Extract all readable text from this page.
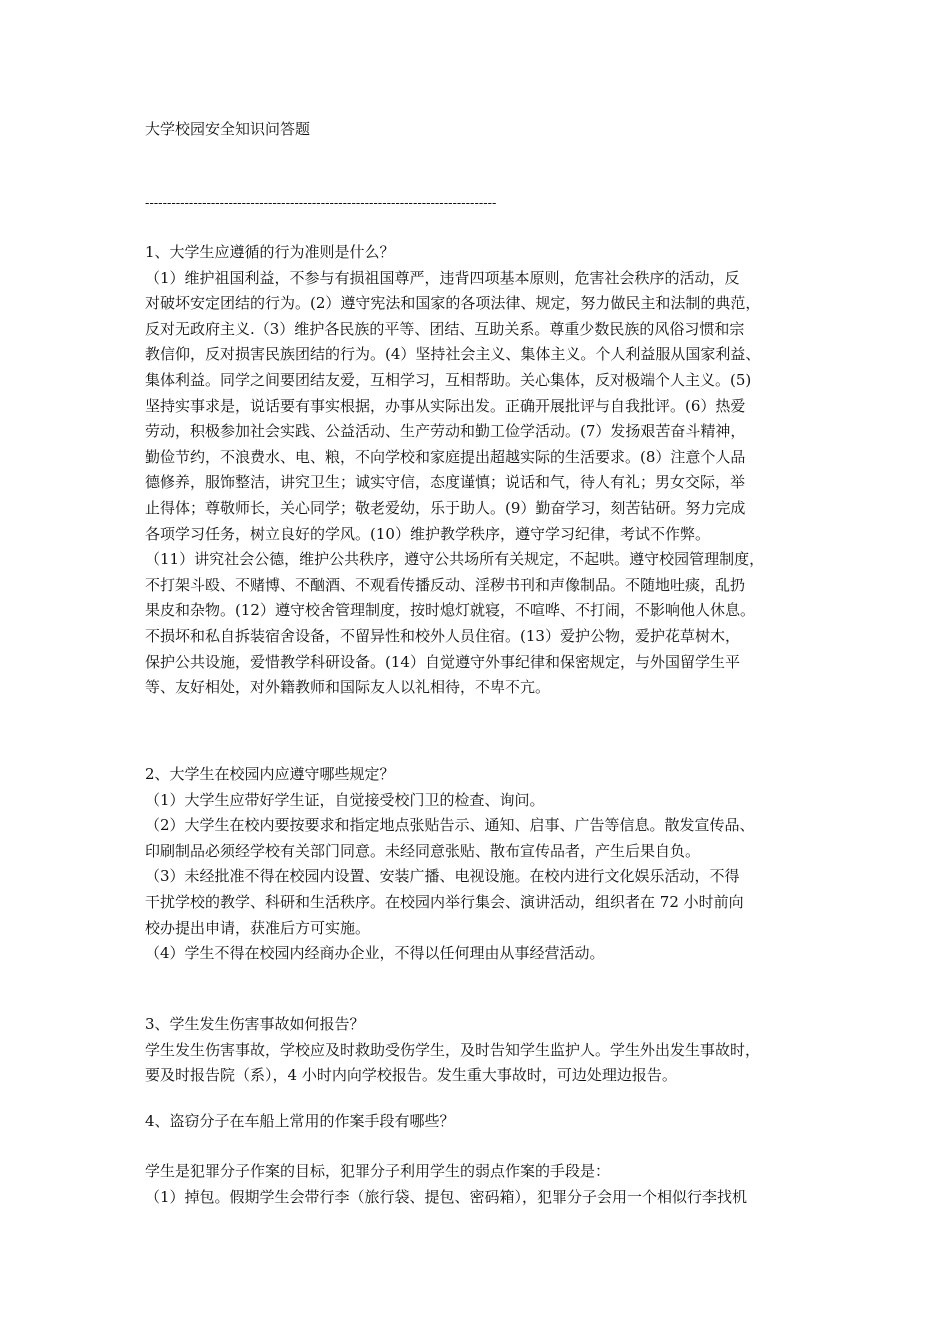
大学校园安全知识问答题
--------------------------------------------------------------------------------
1、大学生应遵循的行为准则是什么？
（1）维护祖国利益，不参与有损祖国尊严，违背四项基本原则，危害社会秩序的活动，反
对破坏安定团结的行为。(2）遵守宪法和国家的各项法律、规定，努力做民主和法制的典范，
反对无政府主义.（3）维护各民族的平等、团结、互助关系。尊重少数民族的风俗习惯和宗
教信仰，反对损害民族团结的行为。(4）坚持社会主义、集体主义。个人利益服从国家利益、
集体利益。同学之间要团结友爱，互相学习，互相帮助。关心集体，反对极端个人主义。(5)
坚持实事求是，说话要有事实根据，办事从实际出发。正确开展批评与自我批评。(6）热爱
劳动，积极参加社会实践、公益活动、生产劳动和勤工俭学活动。(7）发扬艰苦奋斗精神，
勤俭节约，不浪费水、电、粮，不向学校和家庭提出超越实际的生活要求。(8）注意个人品
德修养，服饰整洁，讲究卫生；诚实守信，态度谨慎；说话和气，待人有礼；男女交际，举
止得体；尊敬师长，关心同学；敬老爱幼，乐于助人。(9）勤奋学习，刻苦钻研。努力完成
各项学习任务，树立良好的学风。(10）维护教学秩序，遵守学习纪律，考试不作弊。
（11）讲究社会公德，维护公共秩序，遵守公共场所有关规定，不起哄。遵守校园管理制度，
不打架斗殴、不赌博、不酗酒、不观看传播反动、淫秽书刊和声像制品。不随地吐痰，乱扔
果皮和杂物。(12）遵守校舍管理制度，按时熄灯就寝，不喧哗、不打闹，不影响他人休息。
不损坏和私自拆装宿舍设备，不留异性和校外人员住宿。(13）爱护公物，爱护花草树木，
保护公共设施，爱惜教学科研设备。(14）自觉遵守外事纪律和保密规定，与外国留学生平
等、友好相处，对外籍教师和国际友人以礼相待，不卑不亢。
2、大学生在校园内应遵守哪些规定？
（1）大学生应带好学生证，自觉接受校门卫的检查、询问。
（2）大学生在校内要按要求和指定地点张贴告示、通知、启事、广告等信息。散发宣传品、
印刷制品必须经学校有关部门同意。未经同意张贴、散布宣传品者，产生后果自负。
（3）未经批准不得在校园内设置、安装广播、电视设施。在校内进行文化娱乐活动，不得
干扰学校的教学、科研和生活秩序。在校园内举行集会、演讲活动，组织者在 72 小时前向
校办提出申请，获准后方可实施。
（4）学生不得在校园内经商办企业，不得以任何理由从事经营活动。
3、学生发生伤害事故如何报告？
学生发生伤害事故，学校应及时救助受伤学生，及时告知学生监护人。学生外出发生事故时，
要及时报告院（系），4 小时内向学校报告。发生重大事故时，可边处理边报告。
4、盗窃分子在车船上常用的作案手段有哪些？
学生是犯罪分子作案的目标，犯罪分子利用学生的弱点作案的手段是：
（1）掉包。假期学生会带行李（旅行袋、提包、密码箱），犯罪分子会用一个相似行李找机
